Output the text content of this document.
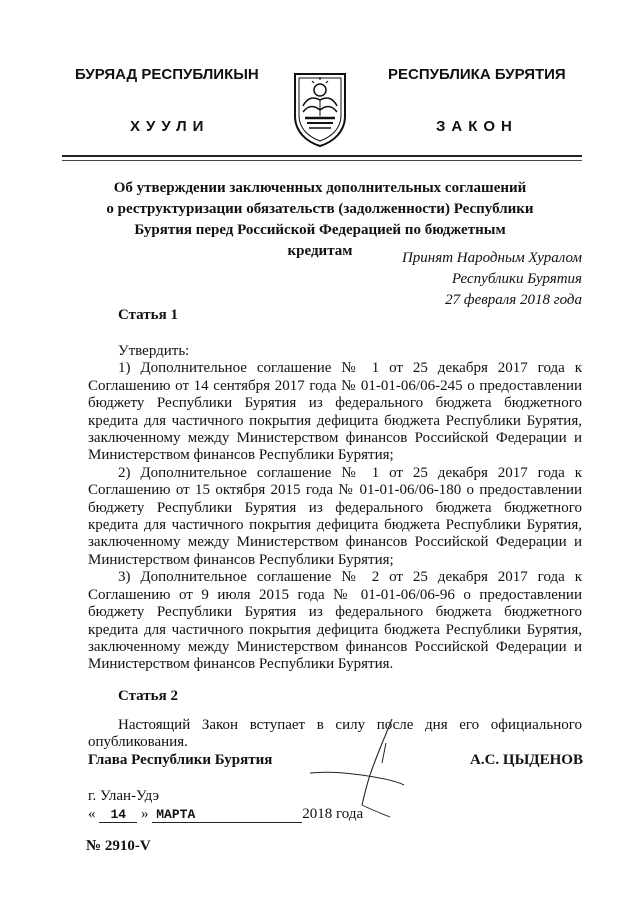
БУРЯАД РЕСПУБЛИКЫН	РЕСПУБЛИКА БУРЯТИЯ
ХУУЛИ	ЗАКОН
Об утверждении заключенных дополнительных соглашений
о реструктуризации обязательств (задолженности) Республики
Бурятия перед Российской Федерацией по бюджетным кредитам	Принят Народным Хуралом
Республики Бурятия
27 февраля 2018 года
Статья 1

Утвердить:

1) Дополнительное соглашение № 1 от 25 декабря 2017 года к Соглашению от 14 сентября 2017 года № 01-01-06/06-245 о предоставлении бюджету Республики Бурятия из федерального бюджета бюджетного кредита для частичного покрытия дефицита бюджета Республики Бурятия, заключенному между Министерством финансов Российской Федерации и Министерством финансов Республики Бурятия;

2) Дополнительное соглашение № 1 от 25 декабря 2017 года к Соглашению от 15 октября 2015 года № 01-01-06/06-180 о предоставлении бюджету Республики Бурятия из федерального бюджета бюджетного кредита для частичного покрытия дефицита бюджета Республики Бурятия, заключенному между Министерством финансов Российской Федерации и Министерством финансов Республики Бурятия;

3) Дополнительное соглашение № 2 от 25 декабря 2017 года к Соглашению от 9 июля 2015 года № 01-01-06/06-96 о предоставлении бюджету Республики Бурятия из федерального бюджета бюджетного кредита для частичного покрытия дефицита бюджета Республики Бурятия, заключенному между Министерством финансов Российской Федерации и Министерством финансов Республики Бурятия.

Статья 2

Настоящий Закон вступает в силу после дня его официального опубликования.

Глава Республики Бурятия	А.С. ЦЫДЕНОВ
г. Улан-Удэ
« 14 » МАРТА	2018 года
№ 2910-V
